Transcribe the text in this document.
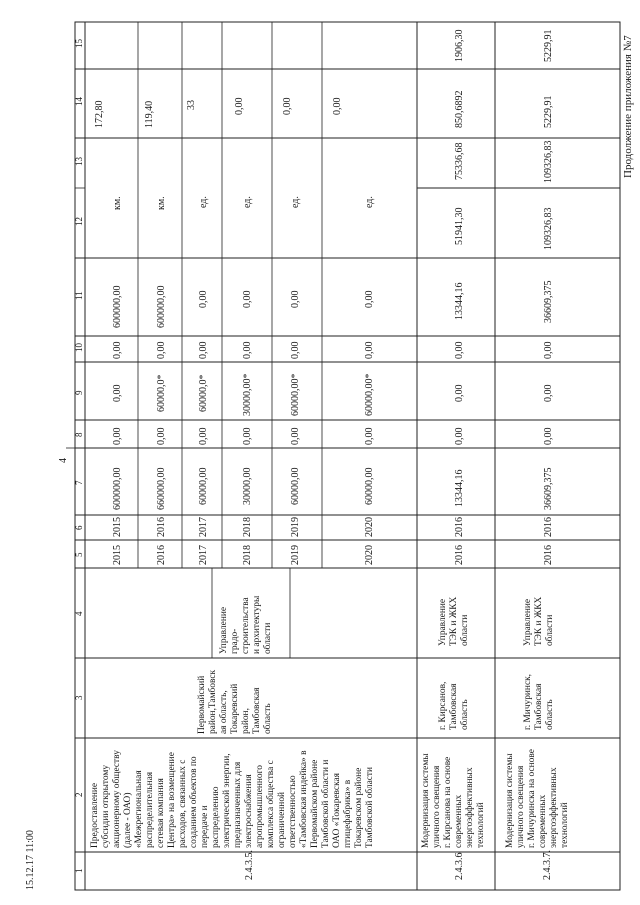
Продолжение приложения №7
4
15.12.17 11:00
15
14
13
12
11
10
9
8
7
6
5
4
3
2
1	2.4.3.5.
Предоставление субсидии открытому акционерному обществу (далее - ОАО) «Межрегиональная распределительная сетевая компания Центра» на возмещение расходов, связанных с созданием объектов по передаче и распределению электрической энергии, предназначенных для электроснабжения агропромышленного комплекса общества с ограниченной ответственностью «Тамбовская индейка» в Первомайском районе Тамбовской области и ОАО «Токаревская птицефабрика» в Токаревском районе Тамбовской области
Первомайский район,Тамбовск ая область, Токаревский район, Тамбовская область
Управление градо- строительства и архитектуры области
2015
2015
600000,00
0,00
0,00
0,00
600000,00
км.
172,80
2016
2016
660000,00
0,00
60000,0*
0,00
600000,00
км.
119,40
2017
2017
60000,00
0,00
60000,0*
0,00
0,00
ед.
33
2018
2018
30000,00
0,00
30000,00*
0,00
0,00
ед.
0,00
2019
2019
60000,00
0,00
60000,00*
0,00
0,00
ед.
0,00
2020
2020
60000,00
0,00
60000,00*
0,00
0,00
ед.
0,00
2.4.3.6
Модернизация системы уличного освещения г. Кирсанова на основе современных энергоэффективных технологий
г. Кирсанов, Тамбовская область
Управление ТЭК и ЖКХ области
2016
2016
13344,16
0,00
0,00
0,00
13344,16
51941,30
75336,68
850,6892
1906,30
2.4.3.7.
Модернизация системы уличного освещения г. Мичуринска на основе современных энергоэффективных технологий
г. Мичуринск, Тамбовская область
Управление ТЭК и ЖКХ области
2016
2016
36609,375
0,00
0,00
0,00
36609,375
109326,83
109326,83
5229,91
5229,91
